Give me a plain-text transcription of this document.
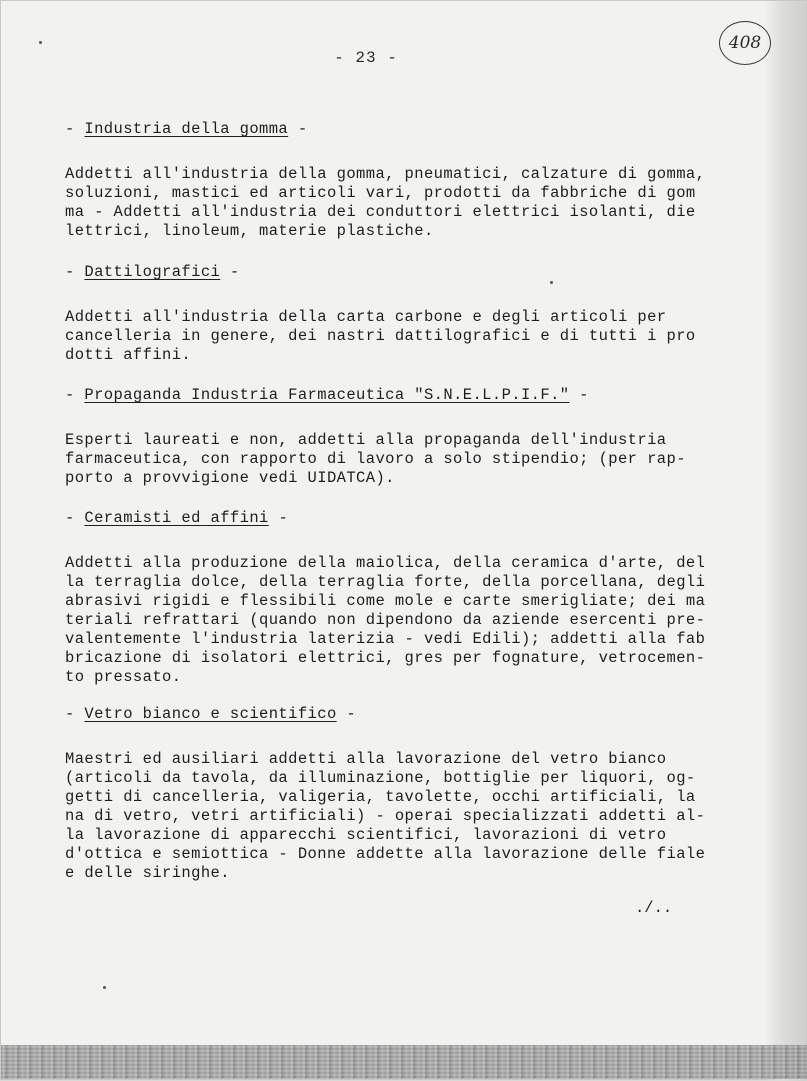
- 23 -
408
- Industria della gomma -
Addetti all'industria della gomma, pneumatici, calzature di gomma,
soluzioni, mastici ed articoli vari, prodotti da fabbriche di gom
ma - Addetti all'industria dei conduttori elettrici isolanti, die
lettrici, linoleum, materie plastiche.
- Dattilografici -
Addetti all'industria della carta carbone e degli articoli per
cancelleria in genere, dei nastri dattilografici e di tutti i pro
dotti affini.
- Propaganda Industria Farmaceutica "S.N.E.L.P.I.F." -
Esperti laureati e non, addetti alla propaganda dell'industria
farmaceutica, con rapporto di lavoro a solo stipendio; (per rap-
porto a provvigione vedi UIDATCA).
- Ceramisti ed affini -
Addetti alla produzione della maiolica, della ceramica d'arte, del
la terraglia dolce, della terraglia forte, della porcellana, degli
abrasivi rigidi e flessibili come mole e carte smerigliate; dei ma
teriali refrattari (quando non dipendono da aziende esercenti pre-
valentemente l'industria laterizia - vedi Edili); addetti alla fab
bricazione di isolatori elettrici, gres per fognature, vetrocemen-
to pressato.
- Vetro bianco e scientifico -
Maestri ed ausiliari addetti alla lavorazione del vetro bianco
(articoli da tavola, da illuminazione, bottiglie per liquori, og-
getti di cancelleria, valigeria, tavolette, occhi artificiali, la
na di vetro, vetri artificiali) - operai specializzati addetti al-
la lavorazione di apparecchi scientifici, lavorazioni di vetro
d'ottica e semiottica - Donne addette alla lavorazione delle fiale
e delle siringhe.
./..
